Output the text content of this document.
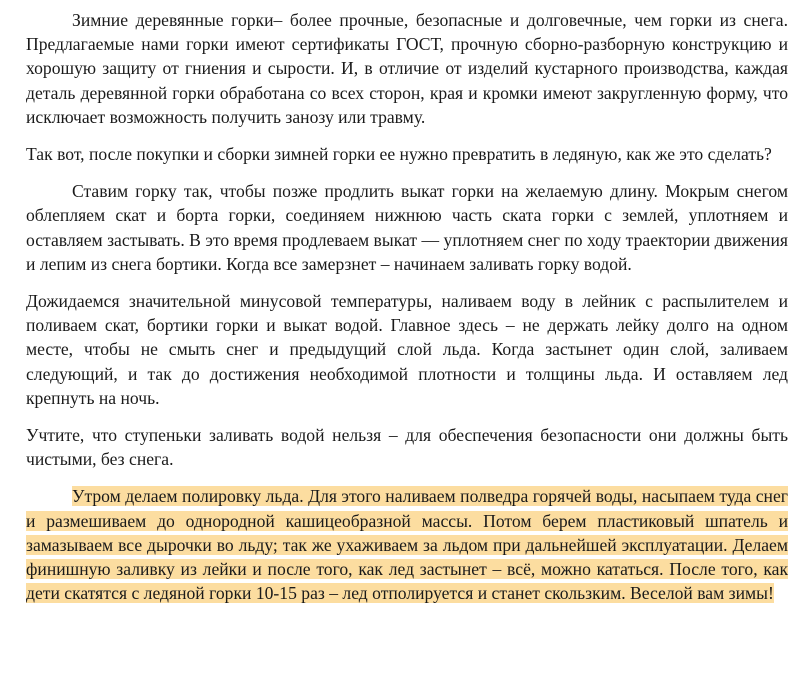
Зимние деревянные горки– более прочные, безопасные и долговечные, чем горки из снега. Предлагаемые нами горки имеют сертификаты ГОСТ, прочную сборно-разборную конструкцию и хорошую защиту от гниения и сырости. И, в отличие от изделий кустарного производства, каждая деталь деревянной горки обработана со всех сторон, края и кромки имеют закругленную форму, что исключает возможность получить занозу или травму.

Так вот, после покупки и сборки зимней горки ее нужно превратить в ледяную, как же это сделать?

Ставим горку так, чтобы позже продлить выкат горки на желаемую длину. Мокрым снегом облепляем скат и борта горки, соединяем нижнюю часть ската горки с землей, уплотняем и оставляем застывать. В это время продлеваем выкат — уплотняем снег по ходу траектории движения и лепим из снега бортики. Когда все замерзнет – начинаем заливать горку водой.

Дожидаемся значительной минусовой температуры, наливаем воду в лейник с распылителем и поливаем скат, бортики горки и выкат водой. Главное здесь – не держать лейку долго на одном месте, чтобы не смыть снег и предыдущий слой льда. Когда застынет один слой, заливаем следующий, и так до достижения необходимой плотности и толщины льда. И оставляем лед крепнуть на ночь.

Учтите, что ступеньки заливать водой нельзя – для обеспечения безопасности они должны быть чистыми, без снега.

Утром делаем полировку льда. Для этого наливаем полведра горячей воды, насыпаем туда снег и размешиваем до однородной кашицеобразной массы. Потом берем пластиковый шпатель и замазываем все дырочки во льду; так же ухаживаем за льдом при дальнейшей эксплуатации. Делаем финишную заливку из лейки и после того, как лед застынет – всё, можно кататься. После того, как дети скатятся с ледяной горки 10-15 раз – лед отполируется и станет скользким. Веселой вам зимы!
